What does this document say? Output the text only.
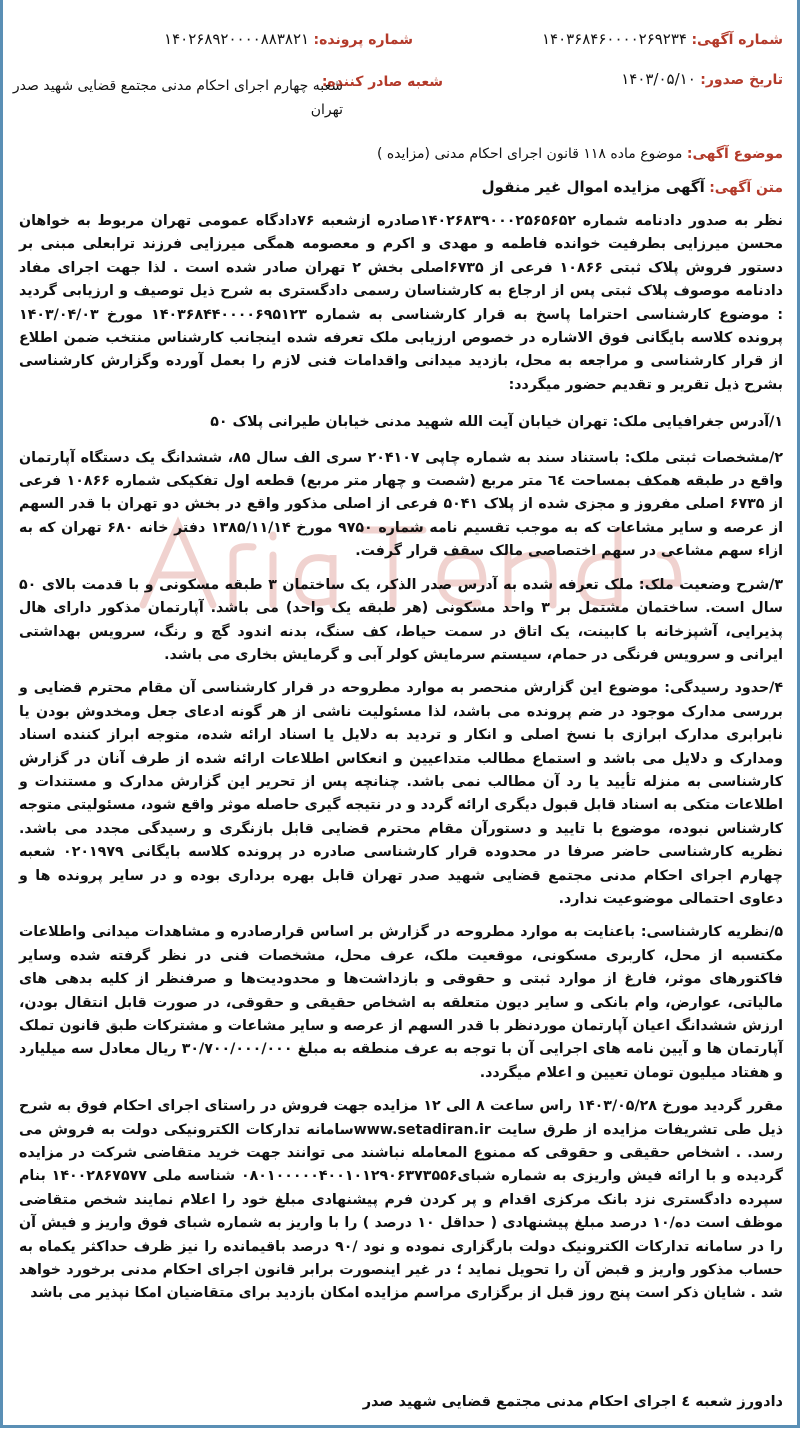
شماره آگهی: ۱۴۰۳۶۸۴۶۰۰۰۰۲۶۹۲۳۴
شماره پرونده: ۱۴۰۲۶۸۹۲۰۰۰۰۸۸۳۸۲۱
تاریخ صدور: ۱۴۰۳/۰۵/۱۰
شعبه صادر کننده:
شعبه چهارم اجرای احکام مدنی مجتمع قضایی شهید صدر تهران
موضوع آگهی: موضوع ماده ۱۱۸ قانون اجرای احکام مدنی (مزایده )
متن آگهی: آگهی مزایده اموال غیر منقول

نظر به صدور دادنامه شماره ۱۴۰۲۶۸۳۹۰۰۰۲۵۶۵۶۵۲صادره ازشعبه ۷۶دادگاه عمومی تهران مربوط به خواهان محسن میرزایی بطرفیت خوانده فاطمه و مهدی و اکرم و معصومه همگی میرزایی فرزند ترابعلی مبنی بر دستور فروش پلاک ثبتی ۱۰۸۶۶ فرعی از ۶۷۳۵اصلی بخش ۲ تهران صادر شده است . لذا جهت اجرای مفاد دادنامه موصوف پلاک ثبتی پس از ارجاع به کارشناسان رسمی دادگستری به شرح ذیل توصیف و ارزیابی گردید : موضوع کارشناسی احتراما پاسخ به قرار کارشناسی به شماره ۱۴۰۳۶۸۴۴۰۰۰۰۶۹۵۱۲۳ مورخ ۱۴۰۳/۰۴/۰۳ پرونده کلاسه بایگانی فوق الاشاره در خصوص ارزیابی ملک تعرفه شده اینجانب کارشناس منتخب ضمن اطلاع از قرار کارشناسی و مراجعه به محل، بازدید میدانی واقدامات فنی لازم را بعمل آورده وگزارش کارشناسی بشرح ذیل تقریر و تقدیم حضور میگردد:

۱/آدرس جغرافیایی ملک: تهران خیابان آیت الله شهید مدنی خیابان طیرانی پلاک ۵۰

۲/مشخصات ثبتی ملک: باستناد سند به شماره چاپی ۲۰۴۱۰۷ سری الف سال ۸۵، ششدانگ یک دستگاه آپارتمان واقع در طبقه همکف بمساحت ٦٤ متر مربع (شصت و چهار متر مربع) قطعه اول تفکیکی شماره ۱۰۸۶۶ فرعی از ۶۷۳۵ اصلی مفروز و مجزی شده از پلاک ۵۰۴۱ فرعی از اصلی مذکور واقع در بخش دو تهران با قدر السهم از عرصه و سایر مشاعات که به موجب تقسیم نامه شماره ۹۷۵۰ مورخ ۱۳۸۵/۱۱/۱۴ دفتر خانه ۶۸۰ تهران که به ازاء سهم مشاعی در سهم اختصاصی مالک سقف قرار گرفت.

۳/شرح وضعیت ملک: ملک تعرفه شده به آدرس صدر الذکر، یک ساختمان ۳ طبقه مسکونی و با قدمت بالای ۵۰ سال است. ساختمان مشتمل بر ۳ واحد مسکونی (هر طبقه یک واحد) می باشد. آپارتمان مذکور دارای هال پذیرایی، آشپزخانه با کابینت، یک اتاق در سمت حیاط، کف سنگ، بدنه اندود گچ و رنگ، سرویس بهداشتی ایرانی و سرویس فرنگی در حمام، سیستم سرمایش کولر آبی و گرمایش بخاری می باشد.

۴/حدود رسیدگی: موضوع این گزارش منحصر به موارد مطروحه در قرار کارشناسی آن مقام محترم قضایی و بررسی مدارک موجود در ضم پرونده می باشد، لذا مسئولیت ناشی از هر گونه ادعای جعل ومخدوش بودن یا نابرابری مدارک ابرازی با نسخ اصلی و انکار و تردید به دلایل یا اسناد ارائه شده، متوجه ابراز کننده اسناد ومدارک و دلایل می باشد و استماع مطالب متداعیین و انعکاس اطلاعات ارائه شده از طرف آنان در گزارش کارشناسی به منزله تأیید یا رد آن مطالب نمی باشد. چنانچه پس از تحریر این گزارش مدارک و مستندات و اطلاعات متکی به اسناد قابل قبول دیگری ارائه گردد و در نتیجه گیری حاصله موثر واقع شود، مسئولیتی متوجه کارشناس نبوده، موضوع با تایید و دستورآن مقام محترم قضایی قابل بازنگری و رسیدگی مجدد می باشد. نظریه کارشناسی حاضر صرفا در محدوده قرار کارشناسی صادره در پرونده کلاسه بایگانی ۰۲۰۱۹۷۹ شعبه چهارم اجرای احکام مدنی مجتمع قضایی شهید صدر تهران قابل بهره برداری بوده و در سایر پرونده ها و دعاوی احتمالی موضوعیت ندارد.

۵/نظریه کارشناسی: باعنایت به موارد مطروحه در گزارش بر اساس قرارصادره و مشاهدات میدانی واطلاعات مکتسبه از محل، کاربری مسکونی، موقعیت ملک، عرف محل، مشخصات فنی در نظر گرفته شده وسایر فاکتورهای موثر، فارغ از موارد ثبتی و حقوقی و بازداشت‌ها و محدودیت‌ها و صرفنظر از کلیه بدهی های مالیاتی، عوارض، وام بانکی و سایر دیون متعلقه به اشخاص حقیقی و حقوقی، در صورت قابل انتقال بودن، ارزش ششدانگ اعیان آپارتمان موردنظر با قدر السهم از عرصه و سایر مشاعات و مشترکات طبق قانون تملک آپارتمان ها و آیین نامه های اجرایی آن با توجه به عرف منطقه به مبلغ ۳۰/۷۰۰/۰۰۰/۰۰۰ ریال معادل سه میلیارد و هفتاد میلیون تومان تعیین و اعلام میگردد.

مقرر گردید مورخ ۱۴۰۳/۰۵/۲۸ راس ساعت ۸ الی ۱۲ مزایده جهت فروش در راستای اجرای احکام فوق به شرح ذیل طی تشریفات مزایده از طرق سایت www.setadiran.irسامانه تدارکات الکترونیکی دولت به فروش می رسد. . اشخاص حقیقی و حقوقی که ممنوع المعامله نباشند می توانند جهت خرید متقاضی شرکت در مزایده گردیده و با ارائه فیش واریزی به شماره شبای۰۸۰۱۰۰۰۰۰۴۰۰۱۰۱۲۹۰۶۳۷۳۵۵۶ شناسه ملی ۱۴۰۰۲۸۶۷۵۷۷ بنام سپرده دادگستری نزد بانک مرکزی اقدام و پر کردن فرم پیشنهادی مبلغ خود را اعلام نمایند شخص متقاضی موظف است ده/۱۰ درصد مبلغ پیشنهادی ( حداقل ۱۰ درصد ) را با واریز به شماره شبای فوق واریز و فیش آن را در سامانه تدارکات الکترونیک دولت بارگزاری نموده و نود /۹۰ درصد باقیمانده را نیز ظرف حداکثر یکماه به حساب مذکور واریز و قبض آن را تحویل نماید ؛ در غیر اینصورت برابر قانون اجرای احکام مدنی برخورد خواهد شد . شایان ذکر است پنج روز قبل از برگزاری مراسم مزایده امکان بازدید برای متقاضیان امکا نپذیر می باشد

دادورز شعبه ٤ اجرای احکام مدنی مجتمع قضایی شهید صدر
